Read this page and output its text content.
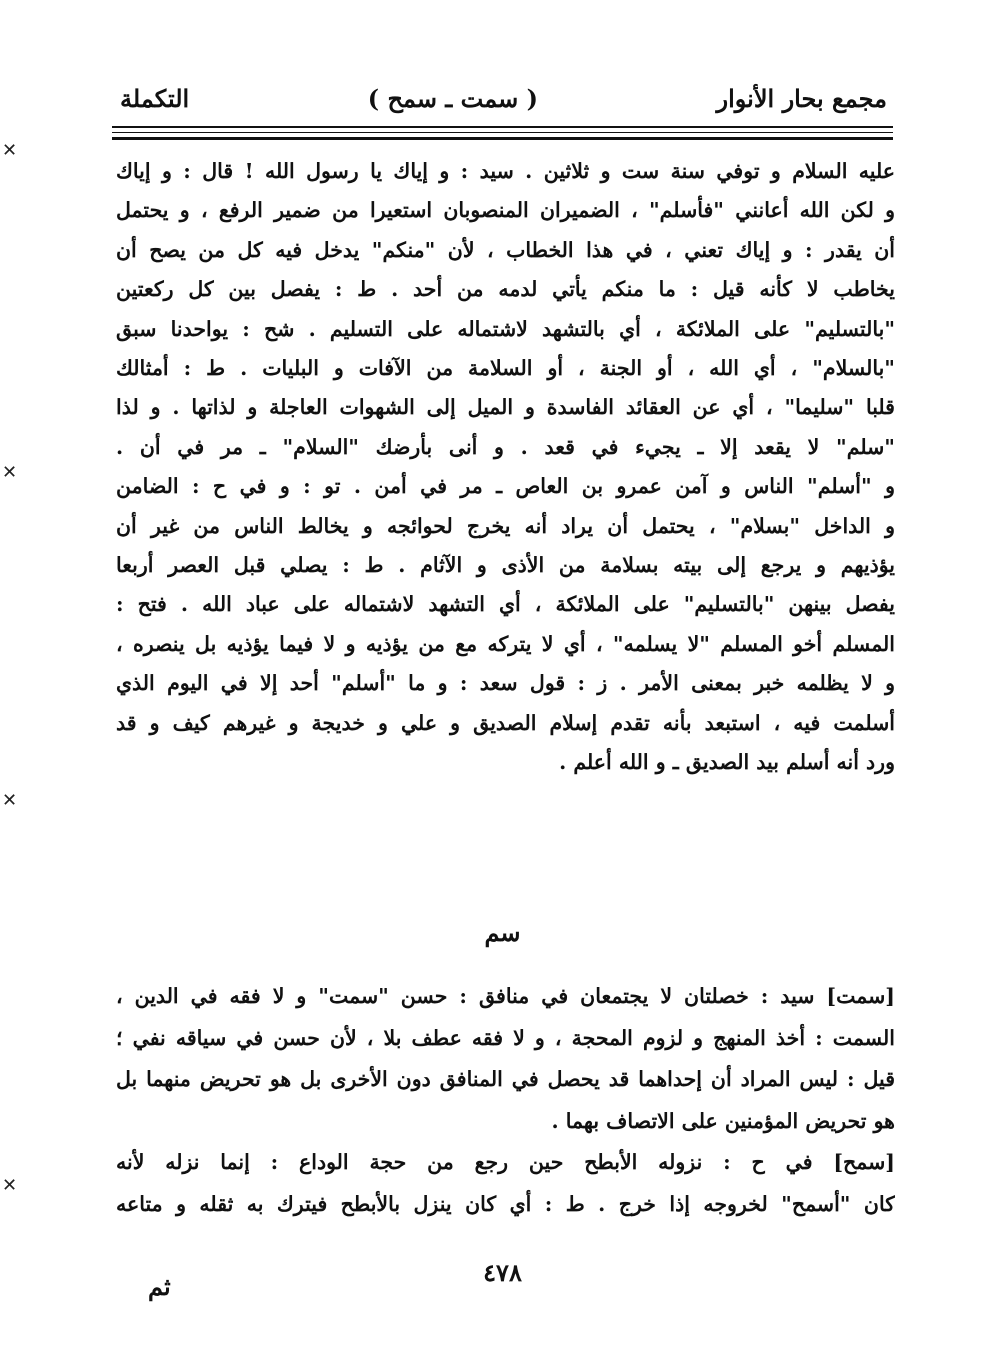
مجمع بحار الأنوار
( سمت ـ سمح )
التكملة
عليه السلام و توفي سنة ست و ثلاثين . سيد : و إياك يا رسول الله ! قال : و إياك
و لكن الله أعانني "فأسلم" ، الضميران المنصوبان استعيرا من ضمير الرفع ، و يحتمل
أن يقدر : و إياك تعني ، في هذا الخطاب ، لأن "منكم" يدخل فيه كل من يصح أن
يخاطب لا كأنه قيل : ما منكم يأتي لدمه من أحد . ط : يفصل بين كل ركعتين
"بالتسليم" على الملائكة ، أي بالتشهد لاشتماله على التسليم . شح : يواحدنا سبق
"بالسلام" ، أي الله ، أو الجنة ، أو السلامة من الآفات و البليات . ط : أمثالك
قلبا "سليما" ، أي عن العقائد الفاسدة و الميل إلى الشهوات العاجلة و لذاتها . و لذا
"سلم" لا يقعد إلا ـ يجيء في قعد . و أنى بأرضك "السلام" ـ مر في أن .
و "أسلم" الناس و آمن عمرو بن العاص ـ مر في أمن . تو : و في ح : الضامن
و الداخل "بسلام" ، يحتمل أن يراد أنه يخرج لحوائجه و يخالط الناس من غير أن
يؤذيهم و يرجع إلى بيته بسلامة من الأذى و الآثام . ط : يصلي قبل العصر أربعا
يفصل بينهن "بالتسليم" على الملائكة ، أي التشهد لاشتماله على عباد الله . فتح :
المسلم أخو المسلم "لا يسلمه" ، أي لا يتركه مع من يؤذيه و لا فيما يؤذيه بل ينصره ،
و لا يظلمه خبر بمعنى الأمر . ز : قول سعد : و ما "أسلم" أحد إلا في اليوم الذي
أسلمت فيه ، استبعد بأنه تقدم إسلام الصديق و علي و خديجة و غيرهم كيف و قد
ورد أنه أسلم بيد الصديق ـ و الله أعلم .
سم
[سمت] سيد : خصلتان لا يجتمعان في منافق : حسن "سمت" و لا فقه في الدين ،
السمت : أخذ المنهج و لزوم المحجة ، و لا فقه عطف بلا ، لأن حسن في سياقه نفي ؛
قيل : ليس المراد أن إحداهما قد يحصل في المنافق دون الأخرى بل هو تحريض منهما بل
هو تحريض المؤمنين على الاتصاف بهما .
[سمح] في ح : نزوله الأبطح حين رجع من حجة الوداع : إنما نزله لأنه
كان "أسمح" لخروجه إذا خرج . ط : أي كان ينزل بالأبطح فيترك به ثقله و متاعه
٤٧٨
ثم
✕
✕
✕
✕
